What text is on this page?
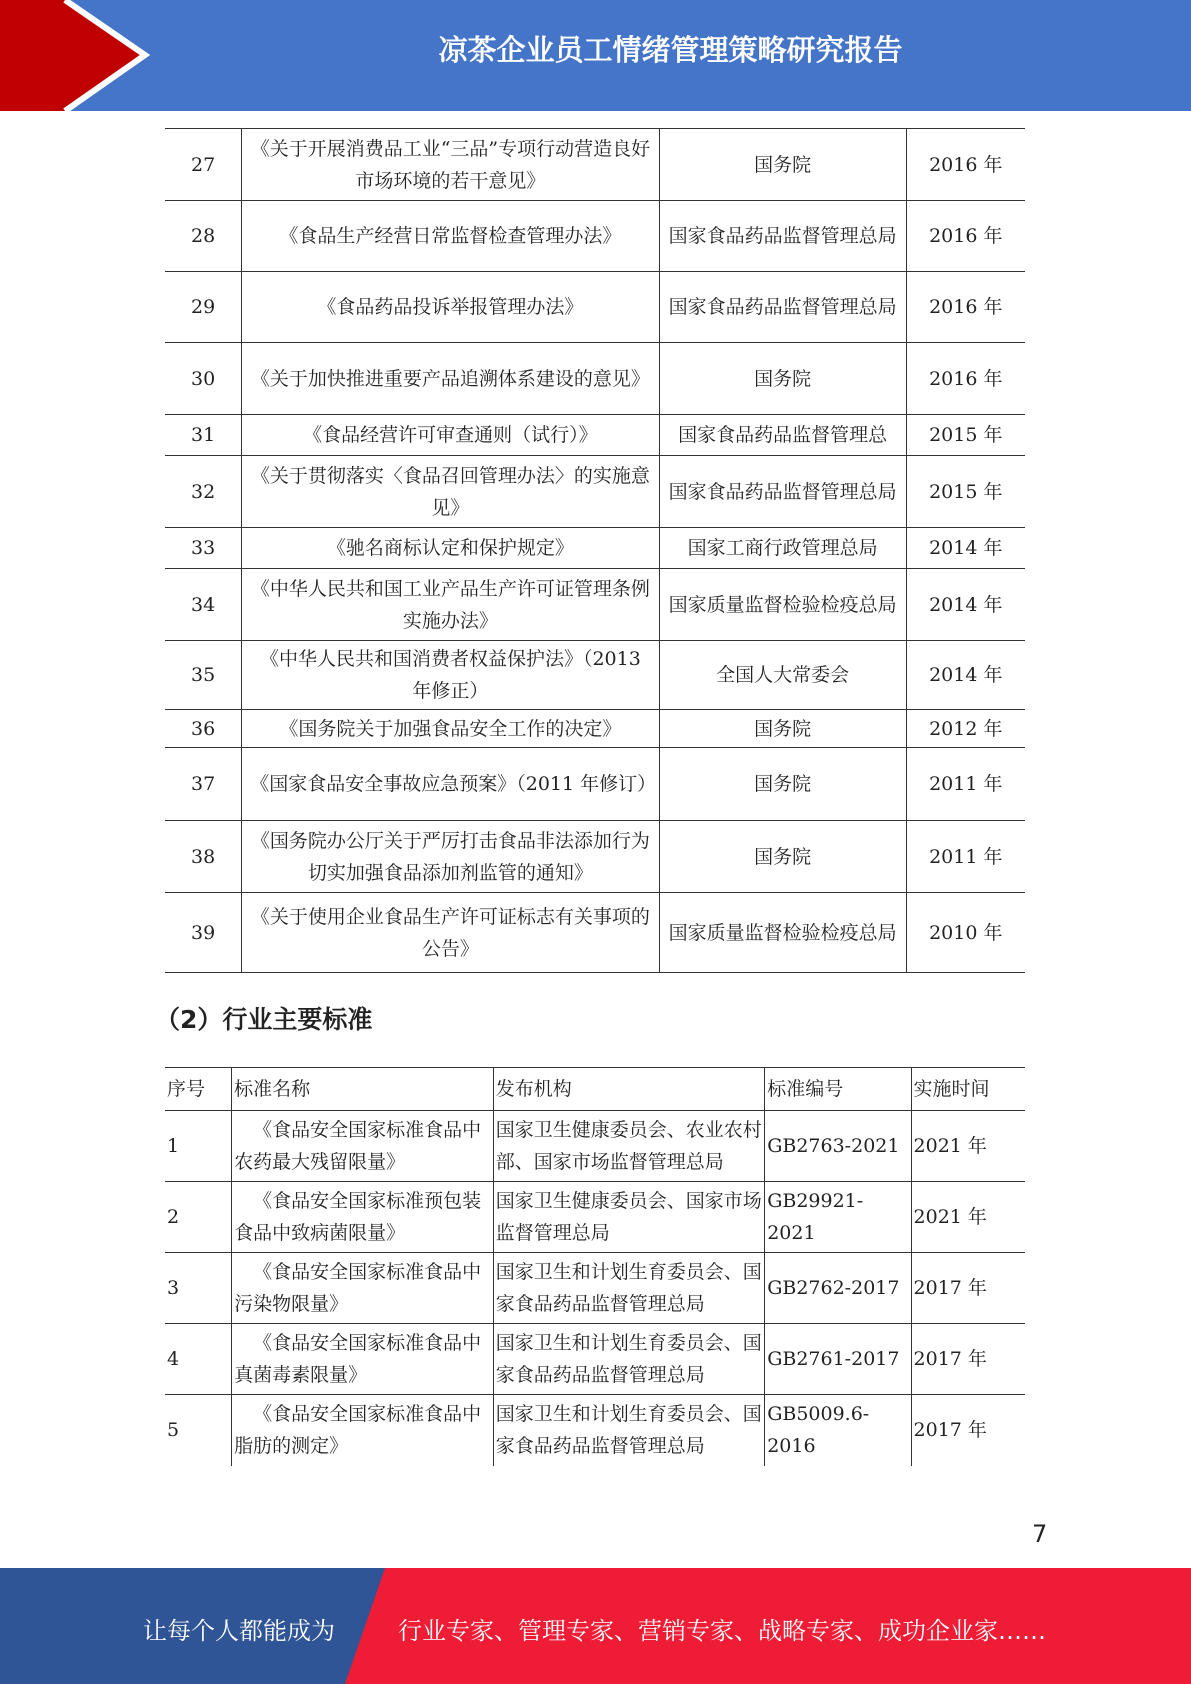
凉茶企业员工情绪管理策略研究报告
27	《关于开展消费品工业“三品”专项行动营造良好市场环境的若干意见》	国务院	2016 年
28	《食品生产经营日常监督检查管理办法》	国家食品药品监督管理总局	2016 年
29	《食品药品投诉举报管理办法》	国家食品药品监督管理总局	2016 年
30	《关于加快推进重要产品追溯体系建设的意见》	国务院	2016 年
31	《食品经营许可审查通则（试行）》	国家食品药品监督管理总	2015 年
32	《关于贯彻落实〈食品召回管理办法〉的实施意见》	国家食品药品监督管理总局	2015 年
33	《驰名商标认定和保护规定》	国家工商行政管理总局	2014 年
34	《中华人民共和国工业产品生产许可证管理条例实施办法》	国家质量监督检验检疫总局	2014 年
35	《中华人民共和国消费者权益保护法》（2013 年修正）	全国人大常委会	2014 年
36	《国务院关于加强食品安全工作的决定》	国务院	2012 年
37	《国家食品安全事故应急预案》（2011 年修订）	国务院	2011 年
38	《国务院办公厅关于严厉打击食品非法添加行为切实加强食品添加剂监管的通知》	国务院	2011 年
39	《关于使用企业食品生产许可证标志有关事项的公告》	国家质量监督检验检疫总局	2010 年
（2）行业主要标准
序号	标准名称	发布机构	标准编号	实施时间
1	《食品安全国家标准食品中农药最大残留限量》	国家卫生健康委员会、农业农村部、国家市场监督管理总局	GB2763-2021	2021 年
2	《食品安全国家标准预包装食品中致病菌限量》	国家卫生健康委员会、国家市场监督管理总局	GB29921-2021	2021 年
3	《食品安全国家标准食品中污染物限量》	国家卫生和计划生育委员会、国家食品药品监督管理总局	GB2762-2017	2017 年
4	《食品安全国家标准食品中真菌毒素限量》	国家卫生和计划生育委员会、国家食品药品监督管理总局	GB2761-2017	2017 年
5	《食品安全国家标准食品中脂肪的测定》	国家卫生和计划生育委员会、国家食品药品监督管理总局	GB5009.6-2016	2017 年
7
让每个人都能成为	行业专家、管理专家、营销专家、战略专家、成功企业家……
